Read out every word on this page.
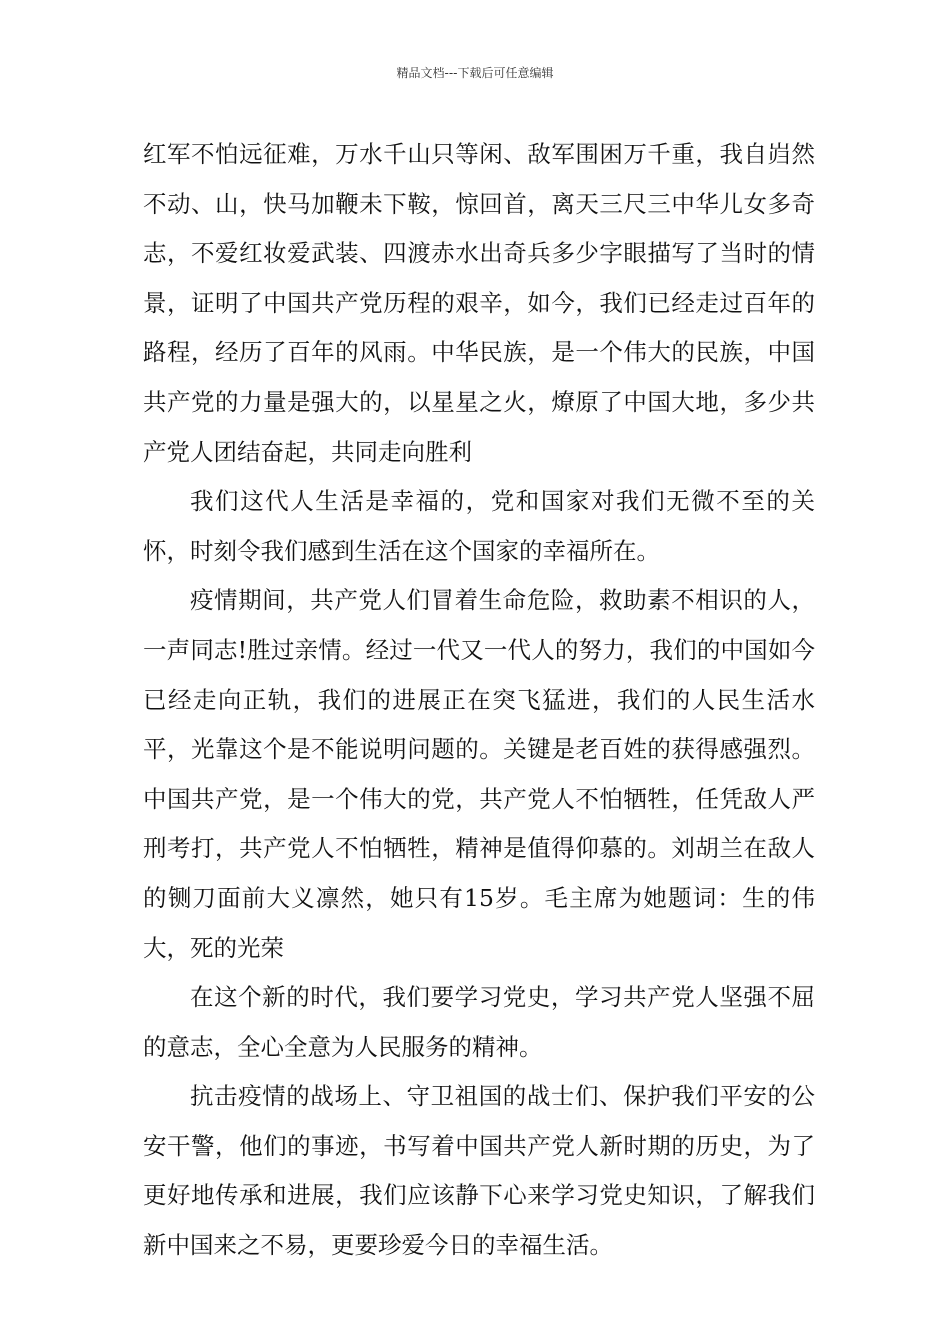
精品文档---下载后可任意编辑

红军不怕远征难，万水千山只等闲、敌军围困万千重，我自岿然不动、山，快马加鞭未下鞍，惊回首，离天三尺三中华儿女多奇志，不爱红妆爱武装、四渡赤水出奇兵多少字眼描写了当时的情景，证明了中国共产党历程的艰辛，如今，我们已经走过百年的路程，经历了百年的风雨。中华民族，是一个伟大的民族，中国共产党的力量是强大的，以星星之火，燎原了中国大地，多少共产党人团结奋起，共同走向胜利

我们这代人生活是幸福的，党和国家对我们无微不至的关怀，时刻令我们感到生活在这个国家的幸福所在。

疫情期间，共产党人们冒着生命危险，救助素不相识的人，一声同志!胜过亲情。经过一代又一代人的努力，我们的中国如今已经走向正轨，我们的进展正在突飞猛进，我们的人民生活水平，光靠这个是不能说明问题的。关键是老百姓的获得感强烈。中国共产党，是一个伟大的党，共产党人不怕牺牲，任凭敌人严刑考打，共产党人不怕牺牲，精神是值得仰慕的。刘胡兰在敌人的铡刀面前大义凛然，她只有15岁。毛主席为她题词：生的伟大，死的光荣

在这个新的时代，我们要学习党史，学习共产党人坚强不屈的意志，全心全意为人民服务的精神。

抗击疫情的战场上、守卫祖国的战士们、保护我们平安的公安干警，他们的事迹，书写着中国共产党人新时期的历史，为了更好地传承和进展，我们应该静下心来学习党史知识，了解我们新中国来之不易，更要珍爱今日的幸福生活。
